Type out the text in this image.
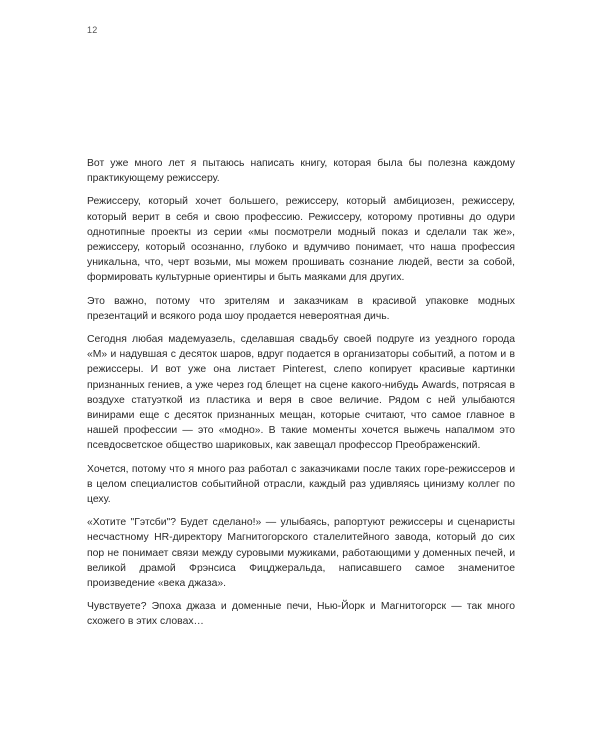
12

Вот уже много лет я пытаюсь написать книгу, которая была бы полезна каждому практикующему режиссеру.

Режиссеру, который хочет большего, режиссеру, который амбициозен, режиссеру, который верит в себя и свою профессию. Режиссеру, которому противны до одури однотипные проекты из серии «мы посмотрели модный показ и сделали так же», режиссеру, который осознанно, глубоко и вдумчиво понимает, что наша профессия уникальна, что, черт возьми, мы можем прошивать сознание людей, вести за собой, формировать культурные ориентиры и быть маяками для других.

Это важно, потому что зрителям и заказчикам в красивой упаковке модных презентаций и всякого рода шоу продается невероятная дичь.

Сегодня любая мадемуазель, сделавшая свадьбу своей подруге из уездного города «М» и надувшая с десяток шаров, вдруг подается в организаторы событий, а потом и в режиссеры. И вот уже она листает Pinterest, слепо копирует красивые картинки признанных гениев, а уже через год блещет на сцене какого-нибудь Awards, потрясая в воздухе статуэткой из пластика и веря в свое величие. Рядом с ней улыбаются винирами еще с десяток признанных мещан, которые считают, что самое главное в нашей профессии — это «модно». В такие моменты хочется выжечь напалмом это псевдосветское общество шариковых, как завещал профессор Преображенский.

Хочется, потому что я много раз работал с заказчиками после таких горе-режиссеров и в целом специалистов событийной отрасли, каждый раз удивляясь цинизму коллег по цеху.

«Хотите "Гэтсби"? Будет сделано!» — улыбаясь, рапортуют режиссеры и сценаристы несчастному HR-директору Магнитогорского сталелитейного завода, который до сих пор не понимает связи между суровыми мужиками, работающими у доменных печей, и великой драмой Фрэнсиса Фицджеральда, написавшего самое знаменитое произведение «века джаза».

Чувствуете? Эпоха джаза и доменные печи, Нью-Йорк и Магнитогорск — так много схожего в этих словах…
